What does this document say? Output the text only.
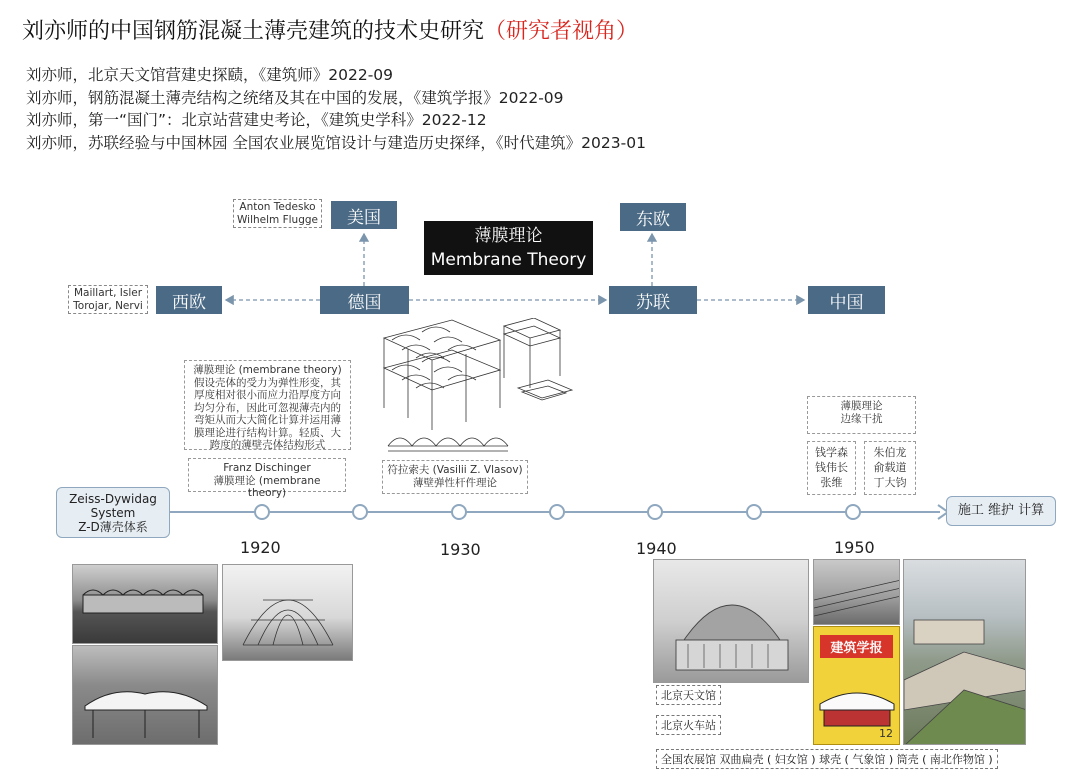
刘亦师的中国钢筋混凝土薄壳建筑的技术史研究（研究者视角）
刘亦师，北京天文馆营建史探赜，《建筑师》2022-09
刘亦师，钢筋混凝土薄壳结构之统绪及其在中国的发展，《建筑学报》2022-09
刘亦师，第一“国门”：北京站营建史考论，《建筑史学科》2022-12
刘亦师，苏联经验与中国林园 全国农业展览馆设计与建造历史探绎，《时代建筑》2023-01
美国	东欧
西欧	德国	苏联	中国
薄膜理论
Membrane Theory
Anton Tedesko
Wilhelm Flugge
Maillart, Isler
Torojar, Nervi
薄膜理论 (membrane theory) 假设壳体的受力为弹性形变，其厚度相对很小而应力沿厚度方向均匀分布，因此可忽视薄壳内的弯矩从而大大简化计算并运用薄膜理论进行结构计算。轻质、大跨度的薄壁壳体结构形式
Franz Dischinger
薄膜理论 (membrane theory)
符拉索夫 (Vasilii Z. Vlasov)
薄壁弹性杆件理论
薄膜理论
边缘干扰
钱学森
钱伟长
张维
朱伯龙
俞载道
丁大钧
Zeiss-Dywidag
System
Z-D薄壳体系
施工 维护 计算
1920	1930	1940	1950
北京天文馆
北京火车站
建筑学报
12
全国农展馆 双曲扁壳 ( 妇女馆 ) 球壳 ( 气象馆 ) 筒壳 ( 南北作物馆 )
